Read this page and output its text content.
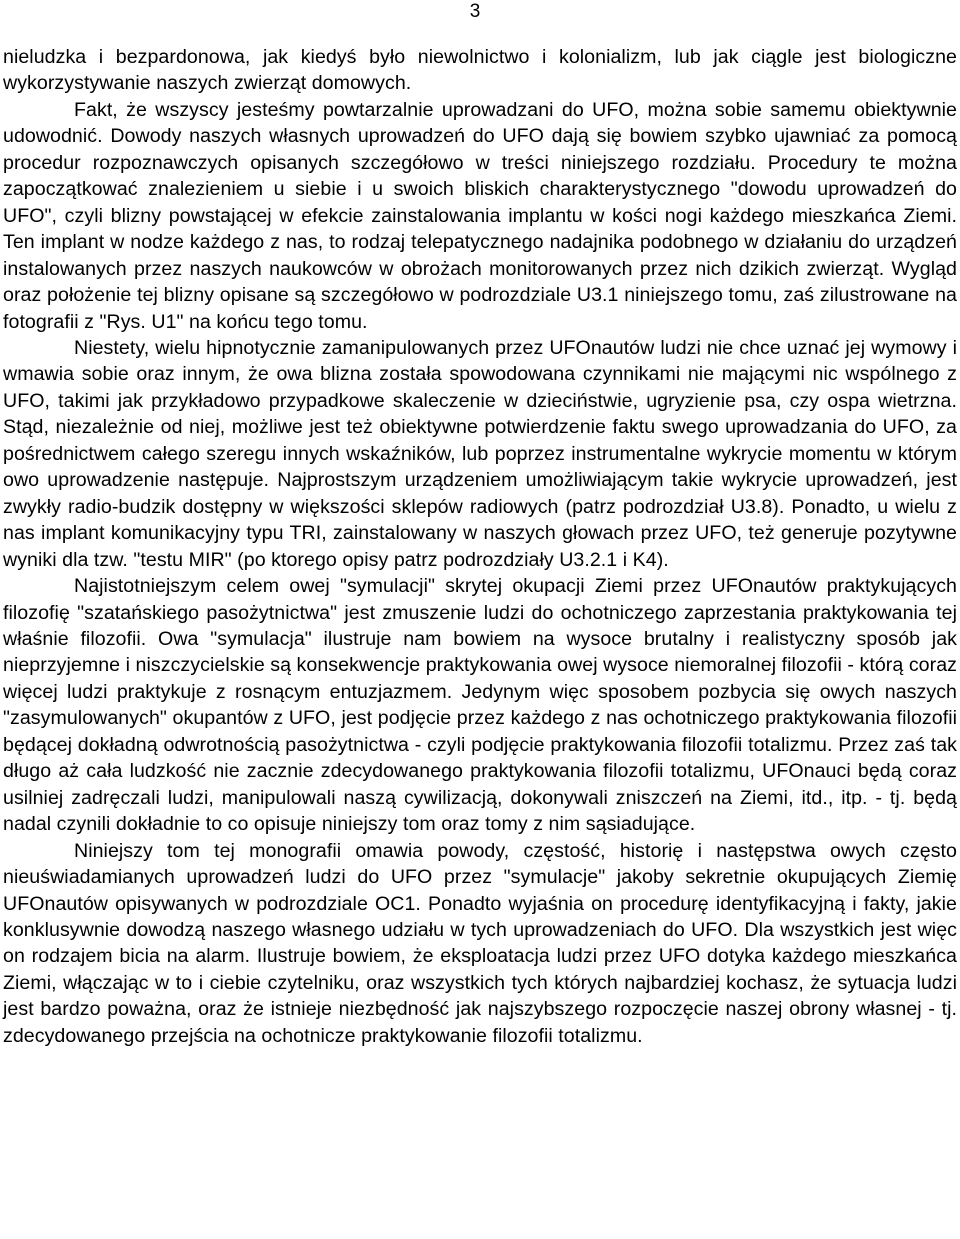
3

nieludzka i bezpardonowa, jak kiedyś było niewolnictwo i kolonializm, lub jak ciągle jest biologiczne wykorzystywanie naszych zwierząt domowych.

Fakt, że wszyscy jesteśmy powtarzalnie uprowadzani do UFO, można sobie samemu obiektywnie udowodnić. Dowody naszych własnych uprowadzeń do UFO dają się bowiem szybko ujawniać za pomocą procedur rozpoznawczych opisanych szczegółowo w treści niniejszego rozdziału. Procedury te można zapoczątkować znalezieniem u siebie i u swoich bliskich charakterystycznego "dowodu uprowadzeń do UFO", czyli blizny powstającej w efekcie zainstalowania implantu w kości nogi każdego mieszkańca Ziemi. Ten implant w nodze każdego z nas, to rodzaj telepatycznego nadajnika podobnego w działaniu do urządzeń instalowanych przez naszych naukowców w obrożach monitorowanych przez nich dzikich zwierząt. Wygląd oraz położenie tej blizny opisane są szczegółowo w podrozdziale U3.1 niniejszego tomu, zaś zilustrowane na fotografii z "Rys. U1" na końcu tego tomu.

Niestety, wielu hipnotycznie zamanipulowanych przez UFOnautów ludzi nie chce uznać jej wymowy i wmawia sobie oraz innym, że owa blizna została spowodowana czynnikami nie mającymi nic wspólnego z UFO, takimi jak przykładowo przypadkowe skaleczenie w dzieciństwie, ugryzienie psa, czy ospa wietrzna. Stąd, niezależnie od niej, możliwe jest też obiektywne potwierdzenie faktu swego uprowadzania do UFO, za pośrednictwem całego szeregu innych wskaźników, lub poprzez instrumentalne wykrycie momentu w którym owo uprowadzenie następuje. Najprostszym urządzeniem umożliwiającym takie wykrycie uprowadzeń, jest zwykły radio-budzik dostępny w większości sklepów radiowych (patrz podrozdział U3.8). Ponadto, u wielu z nas implant komunikacyjny typu TRI, zainstalowany w naszych głowach przez UFO, też generuje pozytywne wyniki dla tzw. "testu MIR" (po ktorego opisy patrz podrozdziały U3.2.1 i K4).

Najistotniejszym celem owej "symulacji" skrytej okupacji Ziemi przez UFOnautów praktykujących filozofię "szatańskiego pasożytnictwa" jest zmuszenie ludzi do ochotniczego zaprzestania praktykowania tej właśnie filozofii. Owa "symulacja" ilustruje nam bowiem na wysoce brutalny i realistyczny sposób jak nieprzyjemne i niszczycielskie są konsekwencje praktykowania owej wysoce niemoralnej filozofii - którą coraz więcej ludzi praktykuje z rosnącym entuzjazmem. Jedynym więc sposobem pozbycia się owych naszych "zasymulowanych" okupantów z UFO, jest podjęcie przez każdego z nas ochotniczego praktykowania filozofii będącej dokładną odwrotnością pasożytnictwa - czyli podjęcie praktykowania filozofii totalizmu. Przez zaś tak długo aż cała ludzkość nie zacznie zdecydowanego praktykowania filozofii totalizmu, UFOnauci będą coraz usilniej zadręczali ludzi, manipulowali naszą cywilizacją, dokonywali zniszczeń na Ziemi, itd., itp. - tj. będą nadal czynili dokładnie to co opisuje niniejszy tom oraz tomy z nim sąsiadujące.

Niniejszy tom tej monografii omawia powody, częstość, historię i następstwa owych często nieuświadamianych uprowadzeń ludzi do UFO przez "symulacje" jakoby sekretnie okupujących Ziemię UFOnautów opisywanych w podrozdziale OC1. Ponadto wyjaśnia on procedurę identyfikacyjną i fakty, jakie konklusywnie dowodzą naszego własnego udziału w tych uprowadzeniach do UFO. Dla wszystkich jest więc on rodzajem bicia na alarm. Ilustruje bowiem, że eksploatacja ludzi przez UFO dotyka każdego mieszkańca Ziemi, włączając w to i ciebie czytelniku, oraz wszystkich tych których najbardziej kochasz, że sytuacja ludzi jest bardzo poważna, oraz że istnieje niezbędność jak najszybszego rozpoczęcie naszej obrony własnej - tj. zdecydowanego przejścia na ochotnicze praktykowanie filozofii totalizmu.
